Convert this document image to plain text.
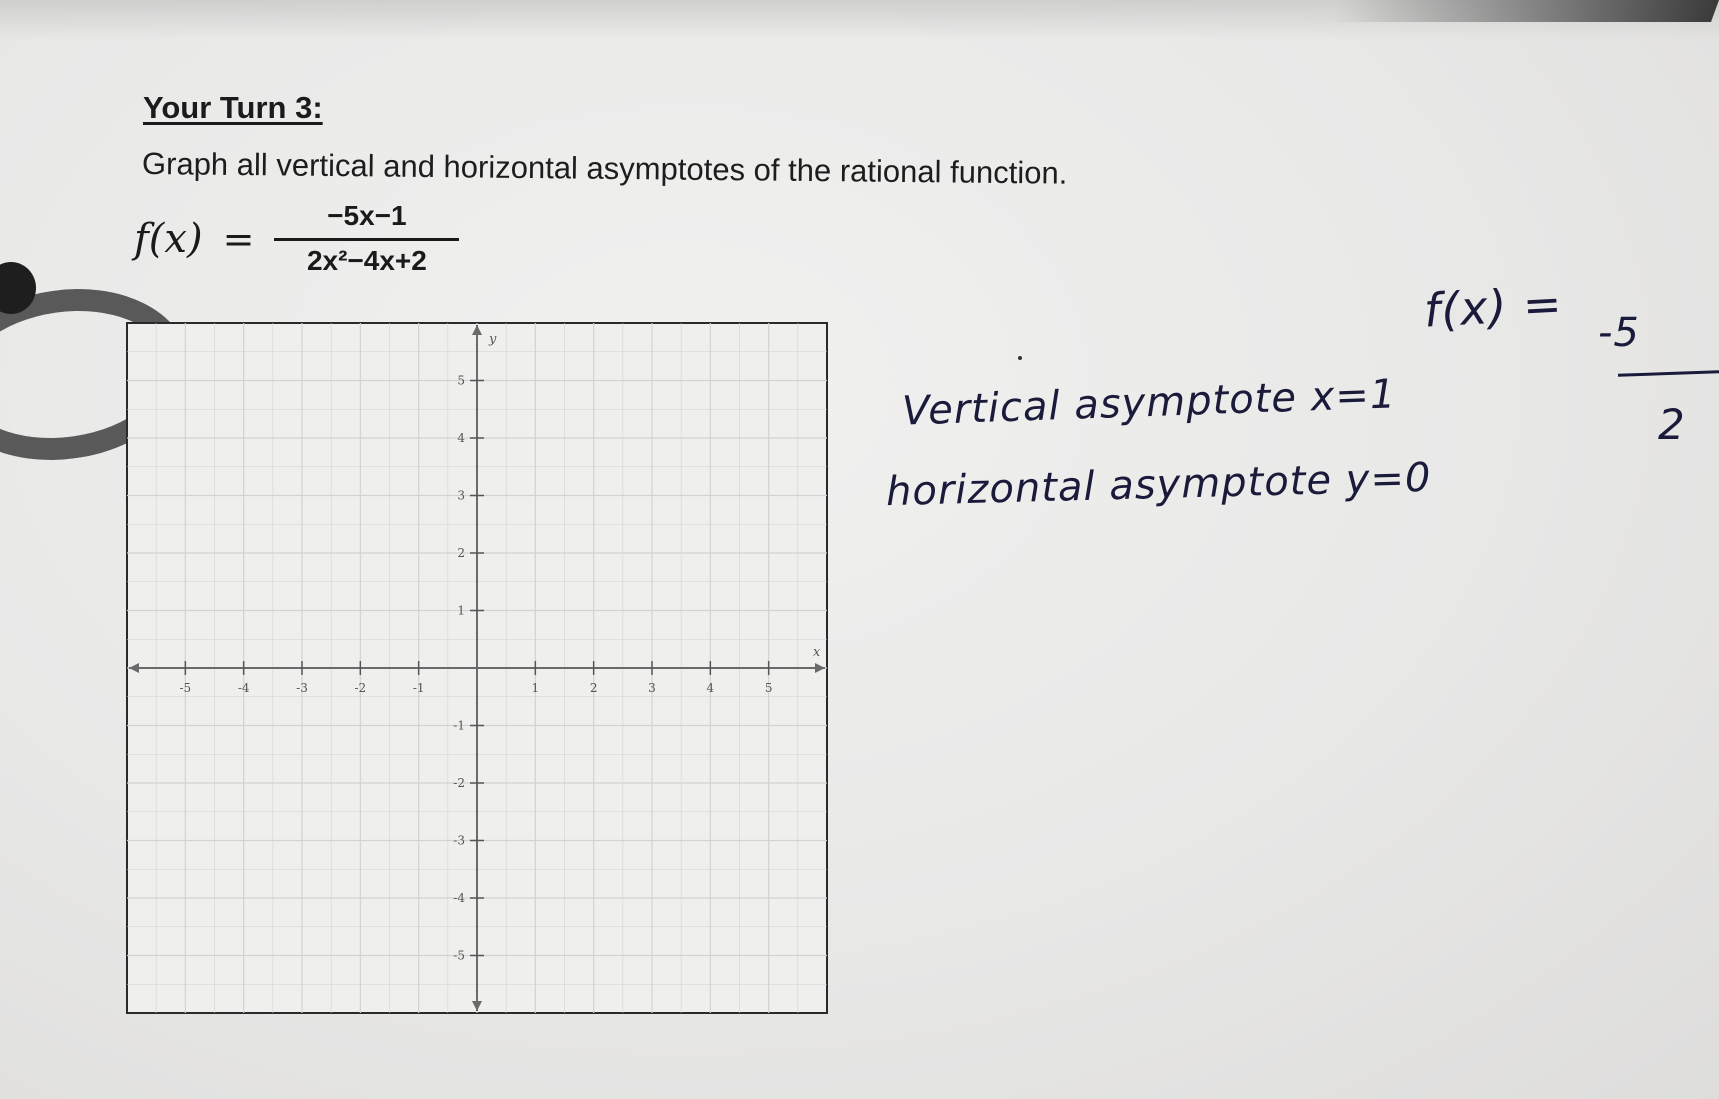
Your Turn 3:

Graph all vertical and horizontal asymptotes of the rational function.

$f(x) = \frac{-5x-1}{\text{2x²−4x+2}}$
-5	-4	-3	-2	-1	1	2	3	4	5
5
4
3
2
1
-1
-2
-3
-4
-5
x
y

Vertical asymptote x=1

horizontal asymptote y=0

f(x) = -5

2
